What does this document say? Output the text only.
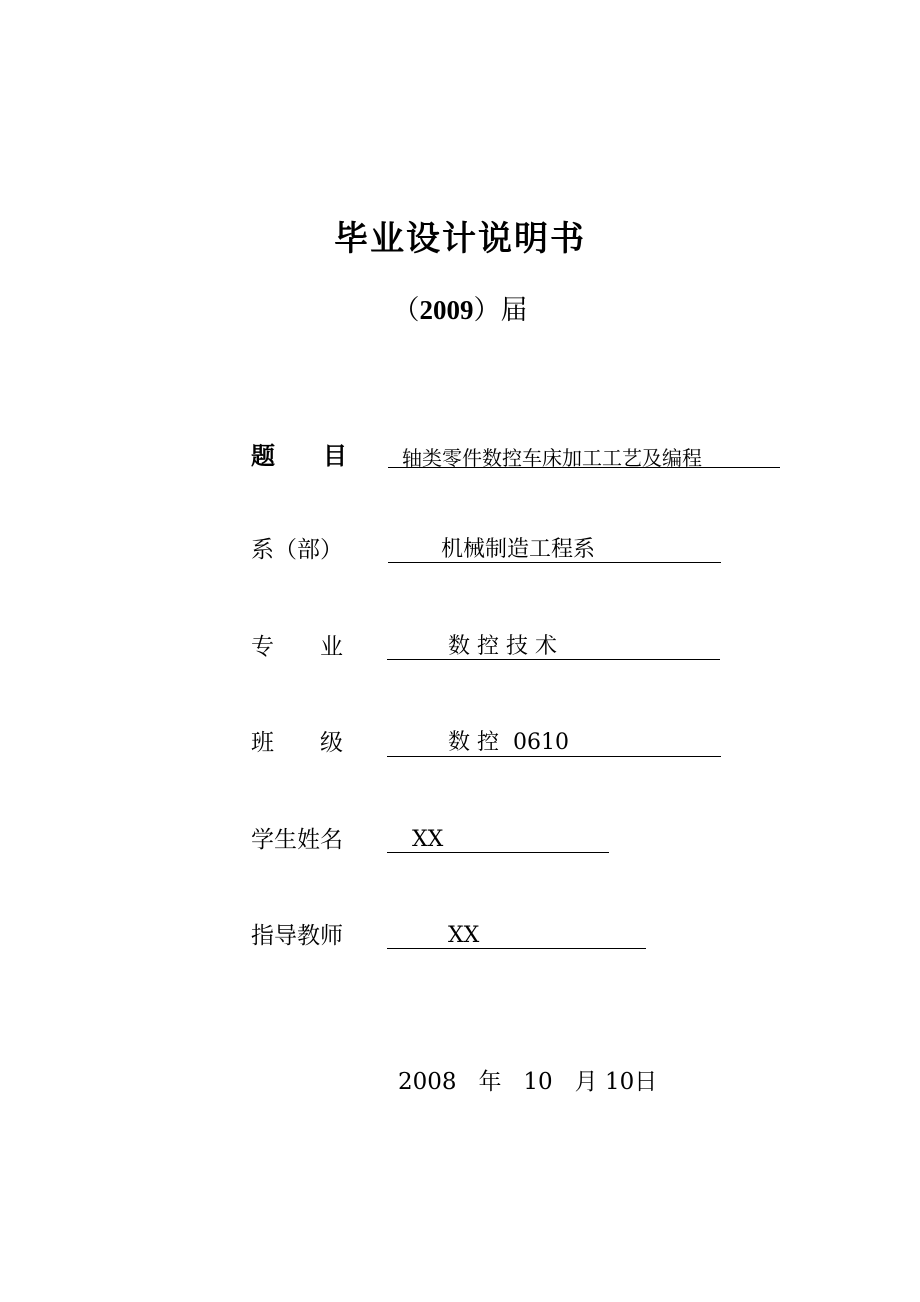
毕业设计说明书
（2009）届
题　　目	轴类零件数控车床加工工艺及编程
系（部）	机械制造工程系
专　　业	数 控 技 术
班　　级	数 控  0610
学生姓名	XX
指导教师	XX
2008 年 10 月 10日
